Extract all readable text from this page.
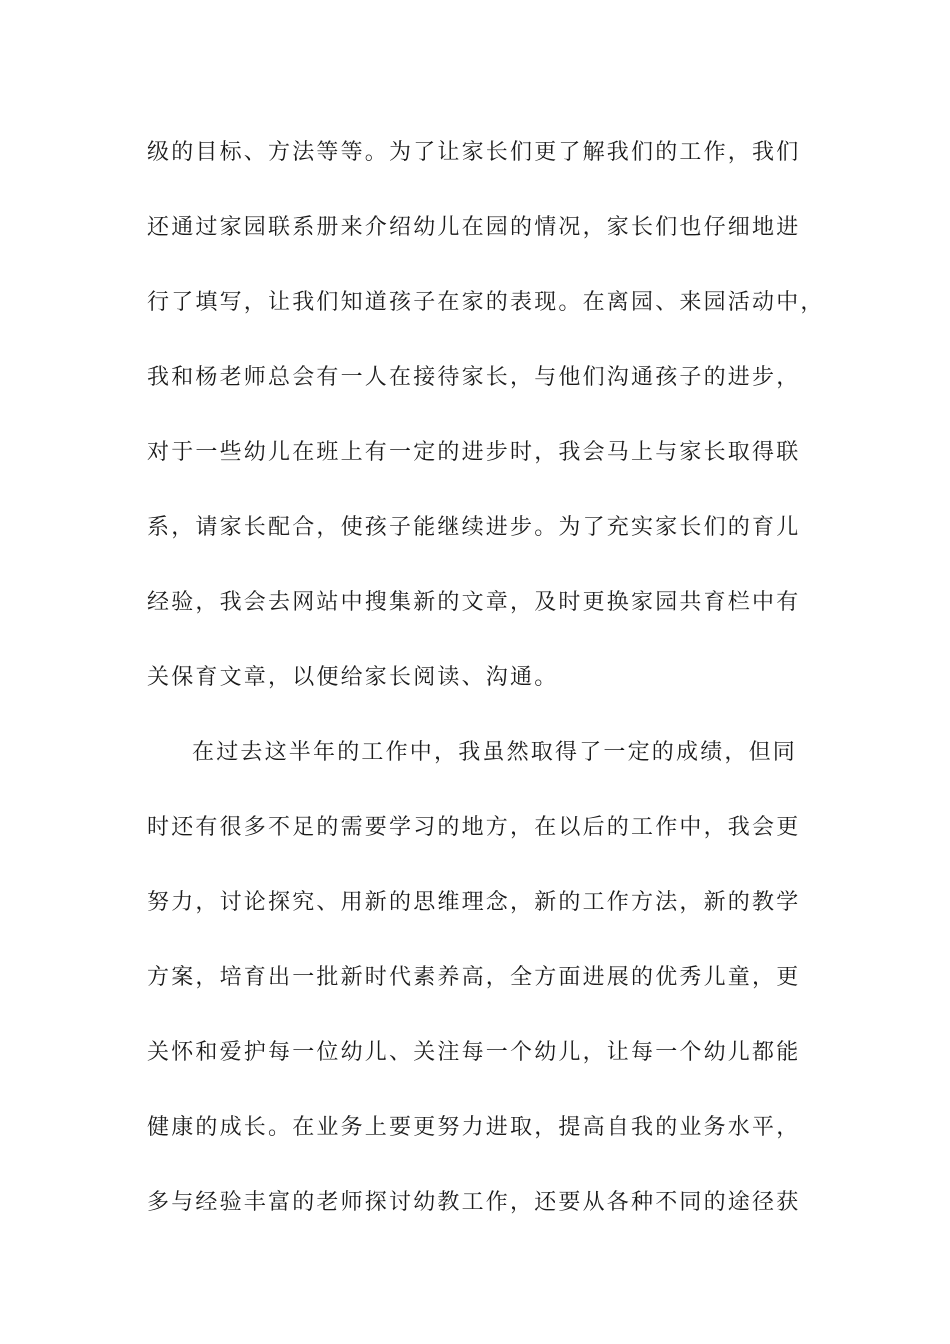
级的目标、方法等等。为了让家长们更了解我们的工作，我们
还通过家园联系册来介绍幼儿在园的情况，家长们也仔细地进
行了填写，让我们知道孩子在家的表现。在离园、来园活动中，
我和杨老师总会有一人在接待家长，与他们沟通孩子的进步，
对于一些幼儿在班上有一定的进步时，我会马上与家长取得联
系，请家长配合，使孩子能继续进步。为了充实家长们的育儿
经验，我会去网站中搜集新的文章，及时更换家园共育栏中有
关保育文章，以便给家长阅读、沟通。
在过去这半年的工作中，我虽然取得了一定的成绩，但同
时还有很多不足的需要学习的地方，在以后的工作中，我会更
努力，讨论探究、用新的思维理念，新的工作方法，新的教学
方案，培育出一批新时代素养高，全方面进展的优秀儿童，更
关怀和爱护每一位幼儿、关注每一个幼儿，让每一个幼儿都能
健康的成长。在业务上要更努力进取，提高自我的业务水平，
多与经验丰富的老师探讨幼教工作，还要从各种不同的途径获
